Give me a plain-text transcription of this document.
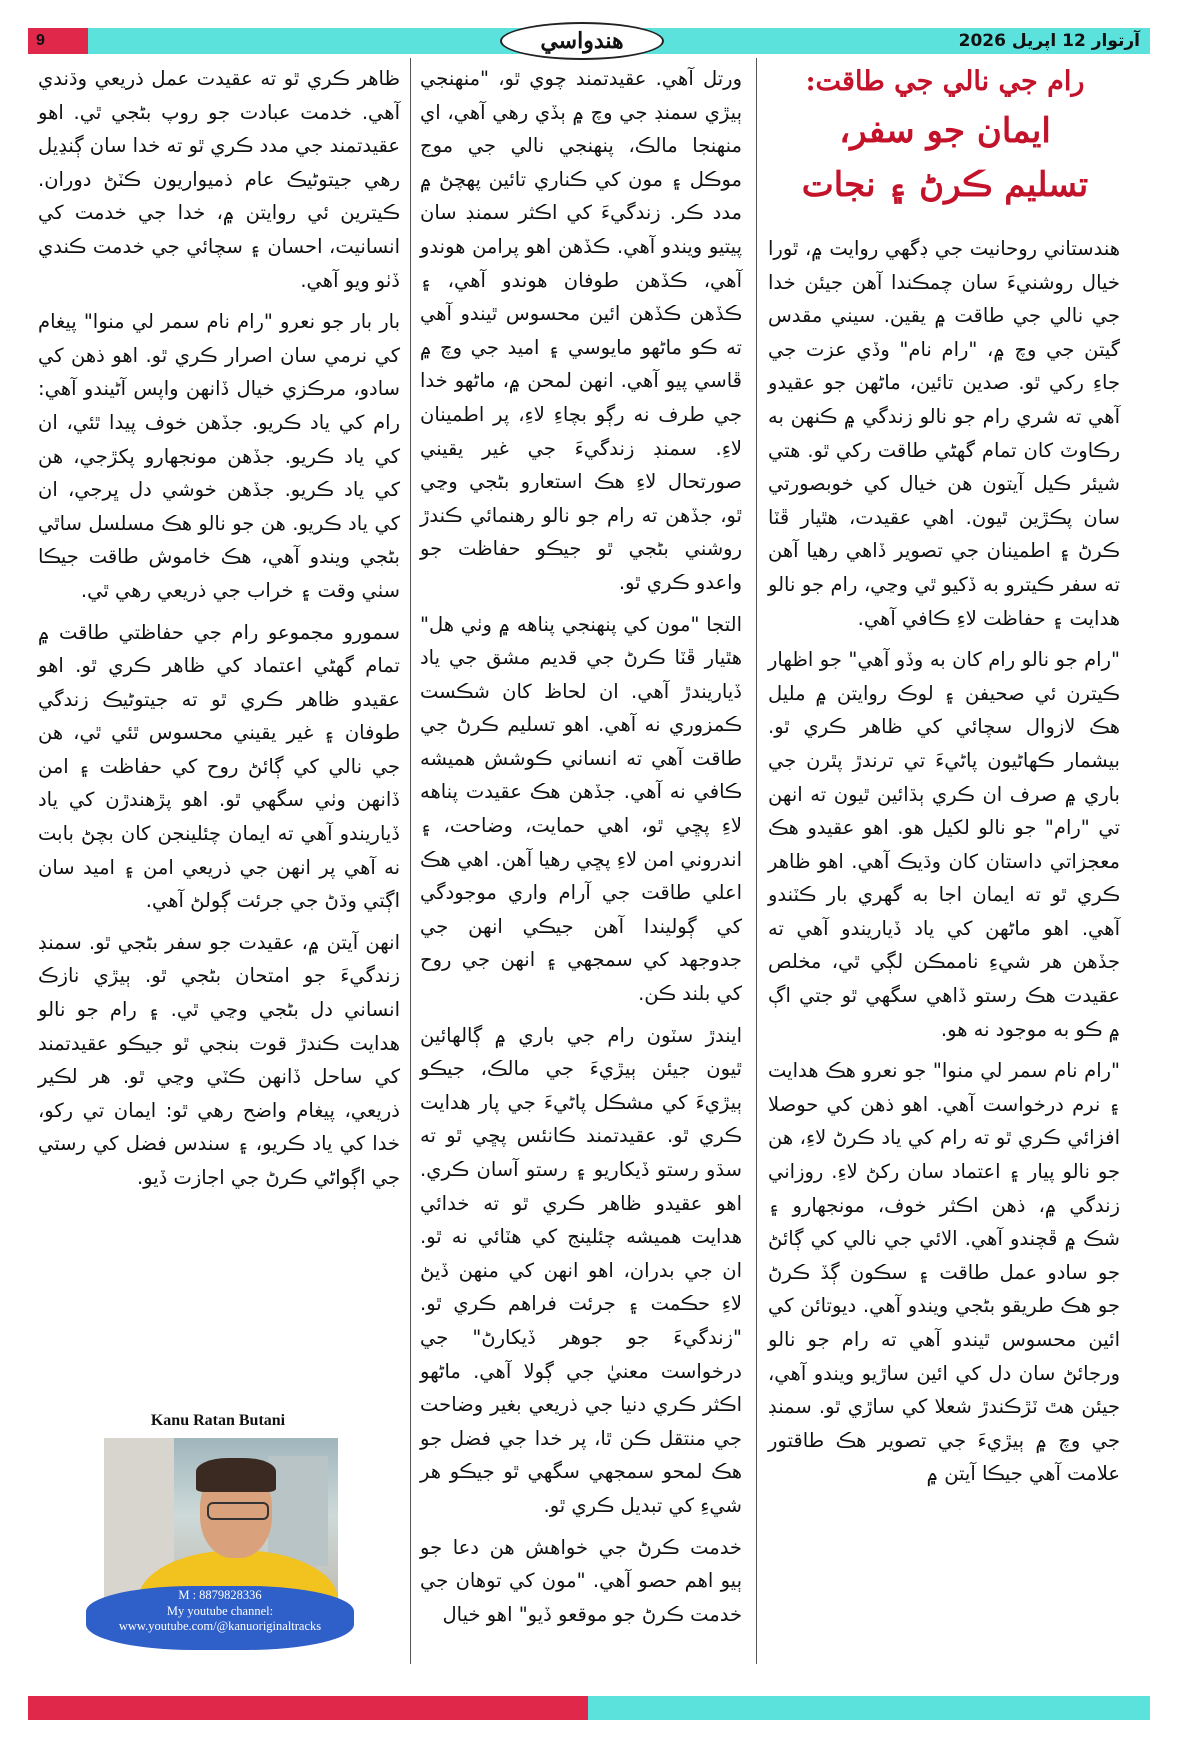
9	هندواسي	آرتوار 12 اپريل 2026
رام جي نالي جي طاقت:
ايمان جو سفر،
تسليم ڪرڻ ۽ نجات

هندستاني روحانيت جي ڊگهي روايت ۾، ٿورا خيال روشنيءَ سان چمڪندا آهن جيئن خدا جي نالي جي طاقت ۾ يقين. سيني مقدس گيتن جي وچ ۾، "رام نام" وڏي عزت جي جاءِ رکي ٿو. صدين تائين، ماڻهن جو عقيدو آهي ته شري رام جو نالو زندگي ۾ ڪنهن به رڪاوٽ کان تمام گهڻي طاقت رکي ٿو. هتي شيئر ڪيل آيتون هن خيال کي خوبصورتي سان پڪڙين ٿيون. اهي عقيدت، هٿيار ڦٽا ڪرڻ ۽ اطمينان جي تصوير ڏاهي رهيا آهن ته سفر ڪيترو به ڏکيو ٿي وڃي، رام جو نالو هدايت ۽ حفاظت لاءِ ڪافي آهي.

"رام جو نالو رام کان به وڏو آهي" جو اظهار ڪيترن ئي صحيفن ۽ لوڪ روايتن ۾ مليل هڪ لازوال سچائي کي ظاهر ڪري ٿو. بيشمار ڪهاڻيون پاڻيءَ تي ترندڙ پٿرن جي باري ۾ صرف ان ڪري ٻڌائين ٿيون ته انهن تي "رام" جو نالو لکيل هو. اهو عقيدو هڪ معجزاتي داستان کان وڌيڪ آهي. اهو ظاهر ڪري ٿو ته ايمان اجا به گهري بار ڪٽندو آهي. اهو ماڻهن کي ياد ڏياريندو آهي ته جڏهن هر شيءِ ناممڪن لڳي ٿي، مخلص عقيدت هڪ رستو ڏاهي سگهي ٿو جتي اڳ ۾ ڪو به موجود نه هو.

"رام نام سمر لي منوا" جو نعرو هڪ هدايت ۽ نرم درخواست آهي. اهو ذهن کي حوصلا افزائي ڪري ٿو ته رام کي ياد ڪرڻ لاءِ، هن جو نالو پيار ۽ اعتماد سان رکڻ لاءِ. روزاني زندگي ۾، ذهن اڪثر خوف، مونجهارو ۽ شڪ ۾ ڦچندو آهي. الائي جي نالي کي ڳائڻ جو سادو عمل طاقت ۽ سڪون ڳڏ ڪرڻ جو هڪ طريقو بڻجي ويندو آهي. ديوتائن کي ائين محسوس ٿيندو آهي ته رام جو نالو ورجائڻ سان دل کي ائين ساڙيو ويندو آهي، جيئن هٿ ٽڙڪندڙ شعلا کي ساڙي ٿو. سمنڊ جي وچ ۾ ٻيڙيءَ جي تصوير هڪ طاقتور علامت آهي جيڪا آيتن ۾

ورتل آهي. عقيدتمند چوي ٿو، "منهنجي ٻيڙي سمنڊ جي وچ ۾ ٻڏي رهي آهي، اي منهنجا مالڪ، پنهنجي نالي جي موج موڪل ۽ مون کي ڪناري تائين پهچڻ ۾ مدد ڪر. زندگيءَ کي اڪثر سمنڊ سان پيتيو ويندو آهي. ڪڏهن اهو پرامن هوندو آهي، ڪڏهن طوفان هوندو آهي، ۽ ڪڏهن ڪڏهن ائين محسوس ٿيندو آهي ته ڪو ماڻهو مايوسي ۽ اميد جي وچ ۾ ڦاسي پيو آهي. انهن لمحن ۾، ماڻهو خدا جي طرف نه رڳو بچاءِ لاءِ، پر اطمينان لاءِ. سمنڊ زندگيءَ جي غير يقيني صورتحال لاءِ هڪ استعارو بڻجي وڃي ٿو، جڏهن ته رام جو نالو رهنمائي ڪندڙ روشني بڻجي ٿو جيڪو حفاظت جو واعدو ڪري ٿو.

التجا "مون کي پنهنجي پناهه ۾ وٺي هل" هٿيار ڦٽا ڪرڻ جي قديم مشق جي ياد ڏياريندڙ آهي. ان لحاظ کان شڪست ڪمزوري نه آهي. اهو تسليم ڪرڻ جي طاقت آهي ته انساني ڪوشش هميشه ڪافي نه آهي. جڏهن هڪ عقيدت پناهه لاءِ پڇي ٿو، اهي حمايت، وضاحت، ۽ اندروني امن لاءِ پڇي رهيا آهن. اهي هڪ اعلي طاقت جي آرام واري موجودگي کي ڳوليندا آهن جيڪي انهن جي جدوجهد کي سمجهي ۽ انهن جي روح کي بلند ڪن.

ايندڙ سٽون رام جي باري ۾ ڳالهائين ٿيون جيئن ٻيڙيءَ جي مالڪ، جيڪو ٻيڙيءَ کي مشڪل پاڻيءَ جي پار هدايت ڪري ٿو. عقيدتمند ڪانئس پڇي ٿو ته سڌو رستو ڏيکاريو ۽ رستو آسان ڪري. اهو عقيدو ظاهر ڪري ٿو ته خدائي هدايت هميشه چئلينج کي هٽائي نه ٿو. ان جي بدران، اهو انهن کي منهن ڏيڻ لاءِ حڪمت ۽ جرئت فراهم ڪري ٿو. "زندگيءَ جو جوهر ڏيکارڻ" جي درخواست معنيٰ جي ڳولا آهي. ماڻهو اڪثر ڪري دنيا جي ذريعي بغير وضاحت جي منتقل ڪن ٿا، پر خدا جي فضل جو هڪ لمحو سمجهي سگهي ٿو جيڪو هر شيءِ کي تبديل ڪري ٿو.

خدمت ڪرڻ جي خواهش هن دعا جو ٻيو اهم حصو آهي. "مون کي توهان جي خدمت ڪرڻ جو موقعو ڏيو" اهو خيال

ظاهر ڪري ٿو ته عقيدت عمل ذريعي وڌندي آهي. خدمت عبادت جو روپ بڻجي ٿي. اهو عقيدتمند جي مدد ڪري ٿو ته خدا سان ڳنڍيل رهي جيتوڻيڪ عام ذميواريون ڪٽڻ دوران. ڪيترين ئي روايتن ۾، خدا جي خدمت کي انسانيت، احسان ۽ سچائي جي خدمت ڪندي ڏٺو ويو آهي.

بار بار جو نعرو "رام نام سمر لي منوا" پيغام کي نرمي سان اصرار ڪري ٿو. اهو ذهن کي سادو، مرڪزي خيال ڏانهن واپس آڻيندو آهي: رام کي ياد ڪريو. جڏهن خوف پيدا ٿئي، ان کي ياد ڪريو. جڏهن مونجهارو پکڙجي، هن کي ياد ڪريو. جڏهن خوشي دل ڀرجي، ان کي ياد ڪريو. هن جو نالو هڪ مسلسل ساٿي بڻجي ويندو آهي، هڪ خاموش طاقت جيڪا سٺي وقت ۽ خراب جي ذريعي رهي ٿي.

سمورو مجموعو رام جي حفاظتي طاقت ۾ تمام گهڻي اعتماد کي ظاهر ڪري ٿو. اهو عقيدو ظاهر ڪري ٿو ته جيتوڻيڪ زندگي طوفان ۽ غير يقيني محسوس ٿئي ٿي، هن جي نالي کي ڳائڻ روح کي حفاظت ۽ امن ڏانهن وٺي سگهي ٿو. اهو پڙهندڙن کي ياد ڏياريندو آهي ته ايمان چئلينجن کان بچڻ بابت نه آهي پر انهن جي ذريعي امن ۽ اميد سان اڳتي وڌڻ جي جرئت ڳولڻ آهي.

انهن آيتن ۾، عقيدت جو سفر بڻجي ٿو. سمنڊ زندگيءَ جو امتحان بڻجي ٿو. ٻيڙي نازڪ انساني دل بڻجي وڃي ٿي. ۽ رام جو نالو هدايت ڪندڙ قوت بنجي ٿو جيڪو عقيدتمند کي ساحل ڏانهن ڪٽي وڃي ٿو. هر لڪير ذريعي، پيغام واضح رهي ٿو: ايمان تي رکو، خدا کي ياد ڪريو، ۽ سندس فضل کي رستي جي اڳواڻي ڪرڻ جي اجازت ڏيو.

Kanu Ratan Butani
M : 8879828336
My youtube channel:
www.youtube.com/@kanuoriginaltracks
